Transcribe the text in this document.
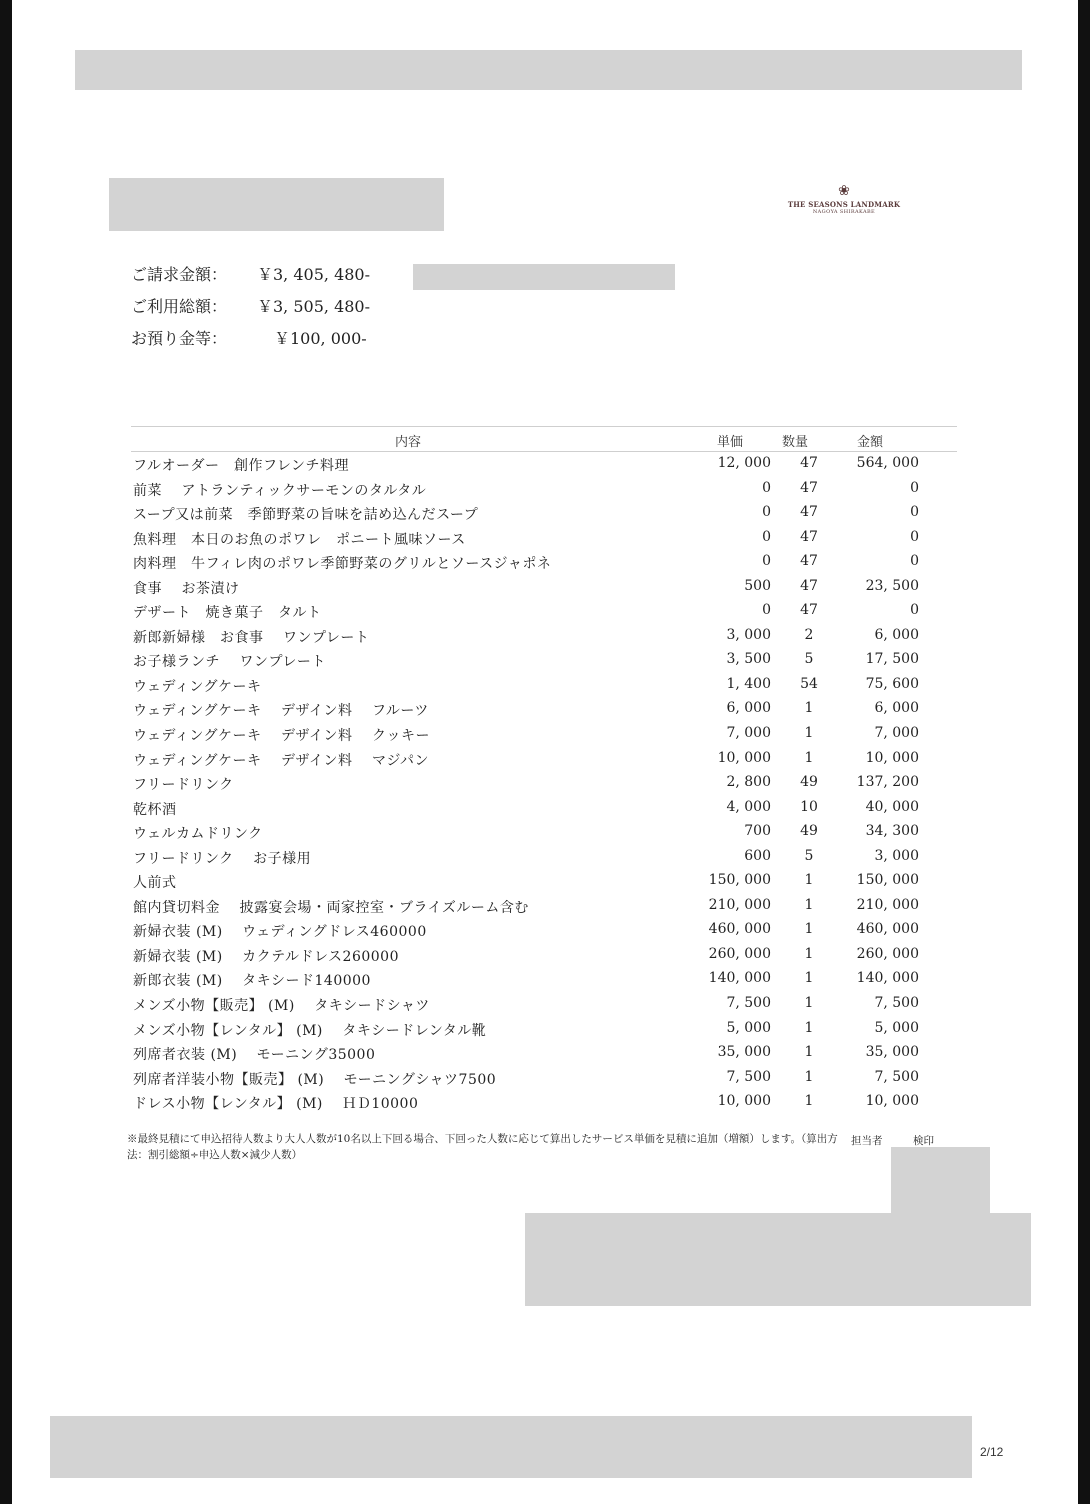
❀
THE SEASONS LANDMARK
NAGOYA SHIRAKABE
ご請求金額： ￥3, 405, 480-
ご利用総額： ￥3, 505, 480-
お預り金等：	￥100, 000-
内容	単価	数量	金額
フルオーダー　創作フレンチ料理	12, 000	47	564, 000
前菜　 アトランティックサーモンのタルタル	0	47	0
スープ又は前菜　季節野菜の旨味を詰め込んだスープ	0	47	0
魚料理　本日のお魚のポワレ　ポニート風味ソース	0	47	0
肉料理　牛フィレ肉のポワレ季節野菜のグリルとソースジャポネ	0	47	0
食事　 お茶漬け	500	47	23, 500
デザート　焼き菓子　タルト	0	47	0
新郎新婦様　お食事　 ワンプレート	3, 000	2	6, 000
お子様ランチ　 ワンプレート	3, 500	5	17, 500
ウェディングケーキ	1, 400	54	75, 600
ウェディングケーキ　 デザイン料　 フルーツ	6, 000	1	6, 000
ウェディングケーキ　 デザイン料　 クッキー	7, 000	1	7, 000
ウェディングケーキ　 デザイン料　 マジパン	10, 000	1	10, 000
フリードリンク	2, 800	49	137, 200
乾杯酒	4, 000	10	40, 000
ウェルカムドリンク	700	49	34, 300
フリードリンク　 お子様用	600	5	3, 000
人前式	150, 000	1	150, 000
館内貸切料金　 披露宴会場・両家控室・ブライズルーム含む	210, 000	1	210, 000
新婦衣装 (M)　 ウェディングドレス460000	460, 000	1	460, 000
新婦衣装 (M)　 カクテルドレス260000	260, 000	1	260, 000
新郎衣装 (M)　 タキシード140000	140, 000	1	140, 000
メンズ小物【販売】 (M)　 タキシードシャツ	7, 500	1	7, 500
メンズ小物【レンタル】 (M)　 タキシードレンタル靴	5, 000	1	5, 000
列席者衣装 (M)　 モーニング35000	35, 000	1	35, 000
列席者洋装小物【販売】 (M)　 モーニングシャツ7500	7, 500	1	7, 500
ドレス小物【レンタル】 (M)　 ＨＤ10000	10, 000	1	10, 000
※最終見積にて申込招待人数より大人人数が10名以上下回る場合、下回った人数に応じて算出したサービス単価を見積に追加（増額）します。（算出方法：割引総額÷申込人数×減少人数）
担当者	検印
2/12
